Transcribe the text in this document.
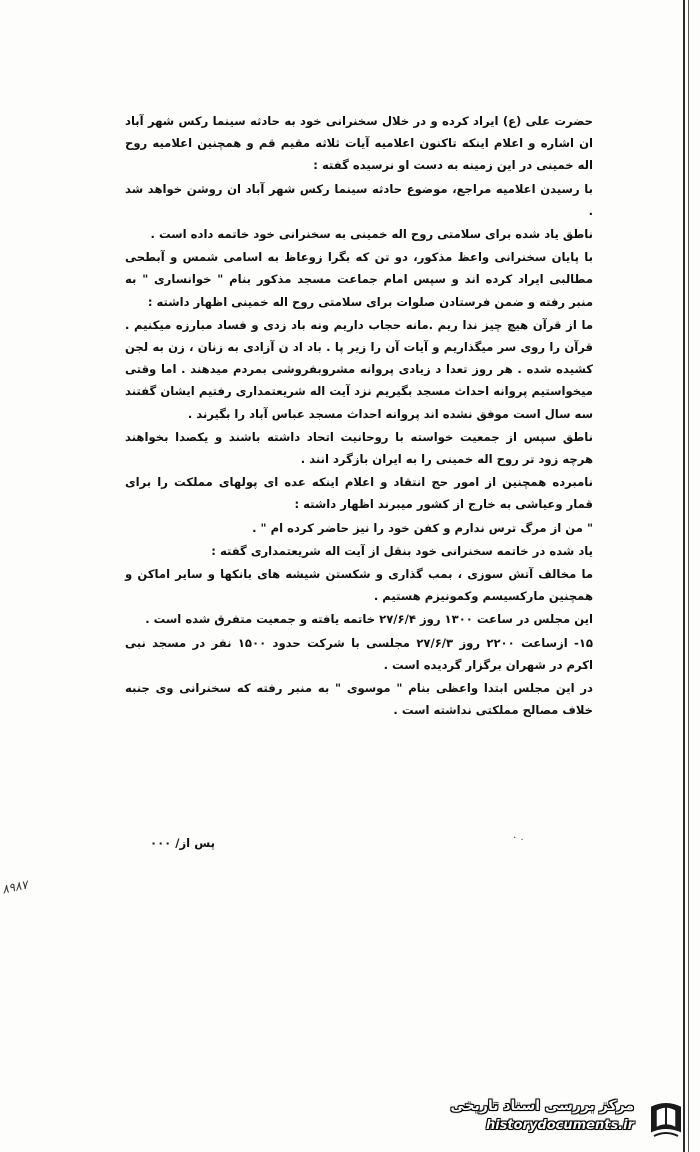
۸۹۸۷

حضرت علی (ع) ایراد کرده و در خلال سخنرانی خود به حادثه سینما رکس شهر آباد ان اشاره و اعلام اینکه تاکنون اعلامیه آیات ثلاثه مقیم قم و همچنین اعلامیه روح اله خمینی در این زمینه به دست او نرسیده گفته :

با رسیدن اعلامیه مراجع، موضوع حادثه سینما رکس شهر آباد ان روشن خواهد شد .

ناطق یاد شده برای سلامتی روح اله خمینی به سخنرانی خود خاتمه داده است .

با پایان سخنرانی واعظ مذکور، دو تن که بگرا زوعاظ به اسامی شمس و آبطحی مطالبی ایراد کرده اند و سپس امام جماعت مسجد مذکور بنام " خوانساری " به منبر رفته و ضمن فرستادن صلوات برای سلامتی روح اله خمینی اظهار داشته :

ما از قرآن هیچ چیز ندا ریم .مانه حجاب داریم ونه باد زدی و فساد مبارزه میکنیم . قرآن را روی سر میگذاریم و آیات آن را زیر پا . باد اد ن آزادی به زنان ، زن به لجن کشیده شده . هر روز تعدا د زیادی پروانه مشروبفروشی بمردم میدهند . اما وقتی میخواستیم پروانه احداث مسجد بگیریم نزد آیت اله شریعتمداری رفتیم ایشان گفتند سه سال است موفق نشده اند پروانه احداث مسجد عباس آباد را بگیرند .

ناطق سپس از جمعیت خواسته با روحانیت اتحاد داشته باشند و یکصدا بخواهند هرچه زود تر روح اله خمینی را به ایران بازگرد انند .

نامبرده همچنین از امور حج انتقاد و اعلام اینکه عده ای پولهای مملکت را برای قمار وعیاشی به خارج از کشور میبرند اظهار داشته :

" من از مرگ ترس ندارم و کفن خود را نیز حاضر کرده ام " .

یاد شده در خاتمه سخنرانی خود بنقل از آیت اله شریعتمداری گفته :

ما مخالف آتش سوزی ، بمب گذاری و شکستن شیشه های بانکها و سایر اماکن و همچنین مارکسیسم وکمونیزم هستیم .

این مجلس در ساعت ۱۳۰۰ روز ۲۷/۶/۴ خاتمه یافته و جمعیت متفرق شده است .

۱۵- ازساعت ۲۲۰۰ روز ۲۷/۶/۳ مجلسی با شرکت حدود ۱۵۰۰ نفر در مسجد نبی اکرم در شهران برگزار گردیده است .

در این مجلس ابتدا واعظی بنام " موسوی " به منبر رفته که سخنرانی وی جنبه خلاف مصالح مملکتی نداشته است .

٠ .
پس از/ ۰۰۰
مرکز بررسی اسناد تاریخی
historydocuments.ir
